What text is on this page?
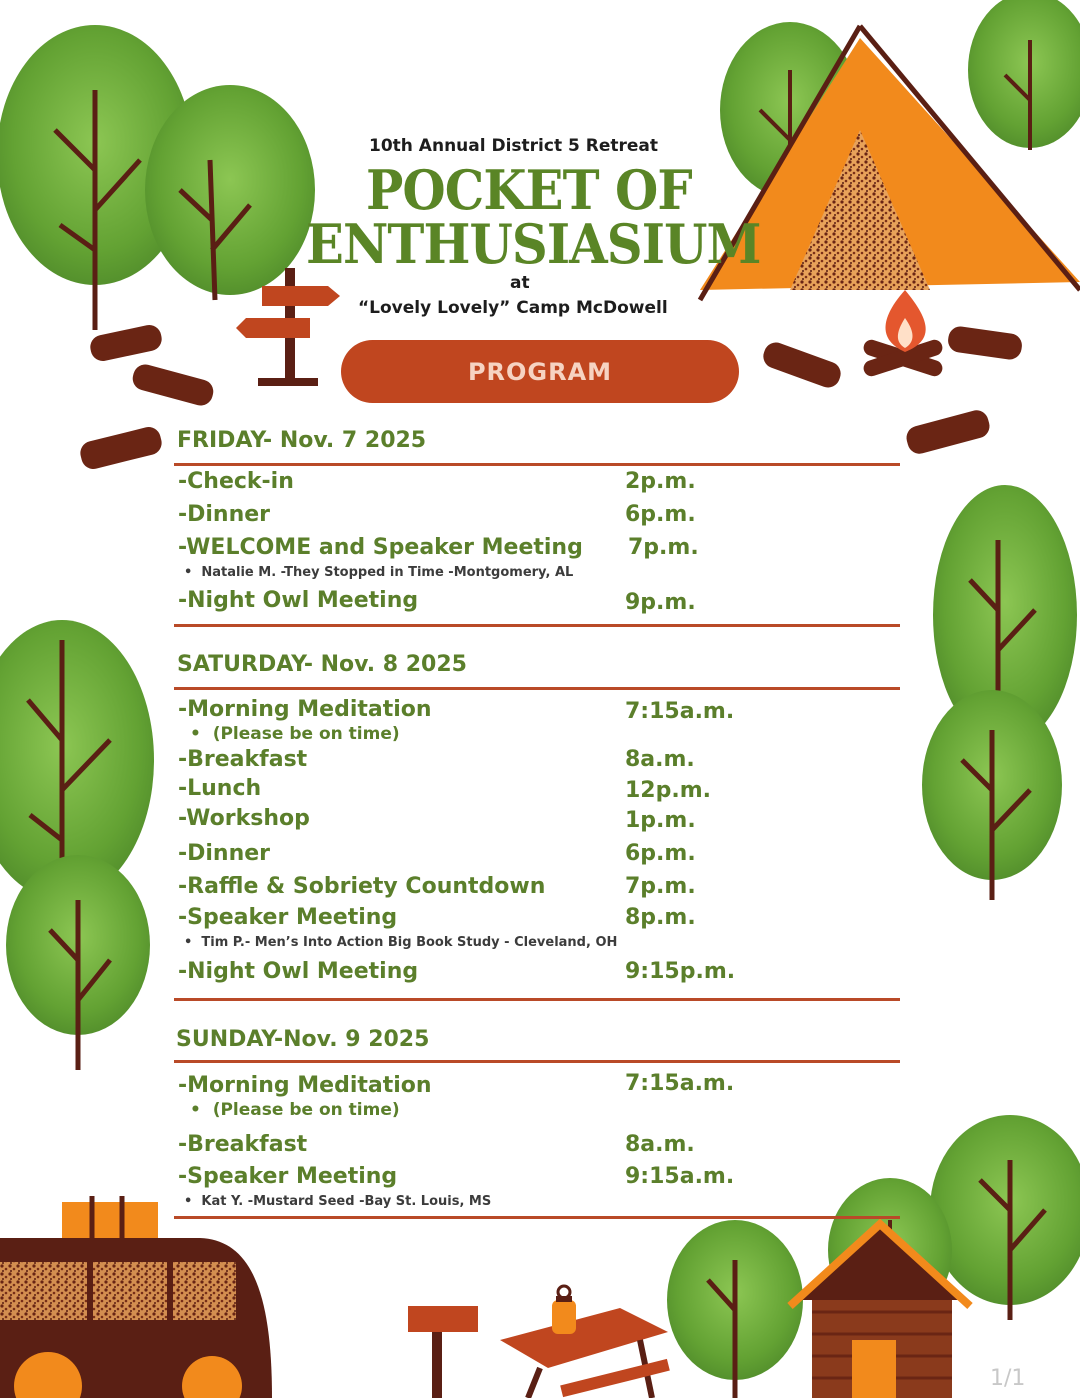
10th Annual District 5 Retreat
POCKET OF
ENTHUSIASIUM
at
“Lovely Lovely” Camp McDowell
PROGRAM
FRIDAY- Nov. 7 2025
-Check-in	2p.m.
-Dinner	6p.m.
-WELCOME and Speaker Meeting 7p.m.
•  Natalie M. -They Stopped in Time -Montgomery, AL
-Night Owl Meeting	9p.m.
SATURDAY- Nov. 8 2025
-Morning Meditation	7:15a.m.
•  (Please be on time)
-Breakfast	8a.m.
-Lunch	12p.m.
-Workshop	1p.m.
-Dinner	6p.m.
-Raffle & Sobriety Countdown	7p.m.
-Speaker Meeting	8p.m.
•  Tim P.- Men’s Into Action Big Book Study - Cleveland, OH
-Night Owl Meeting	9:15p.m.
SUNDAY-Nov. 9 2025
-Morning Meditation	7:15a.m.
•  (Please be on time)
-Breakfast	8a.m.
-Speaker Meeting	9:15a.m.
•  Kat Y. -Mustard Seed -Bay St. Louis, MS
1/1
